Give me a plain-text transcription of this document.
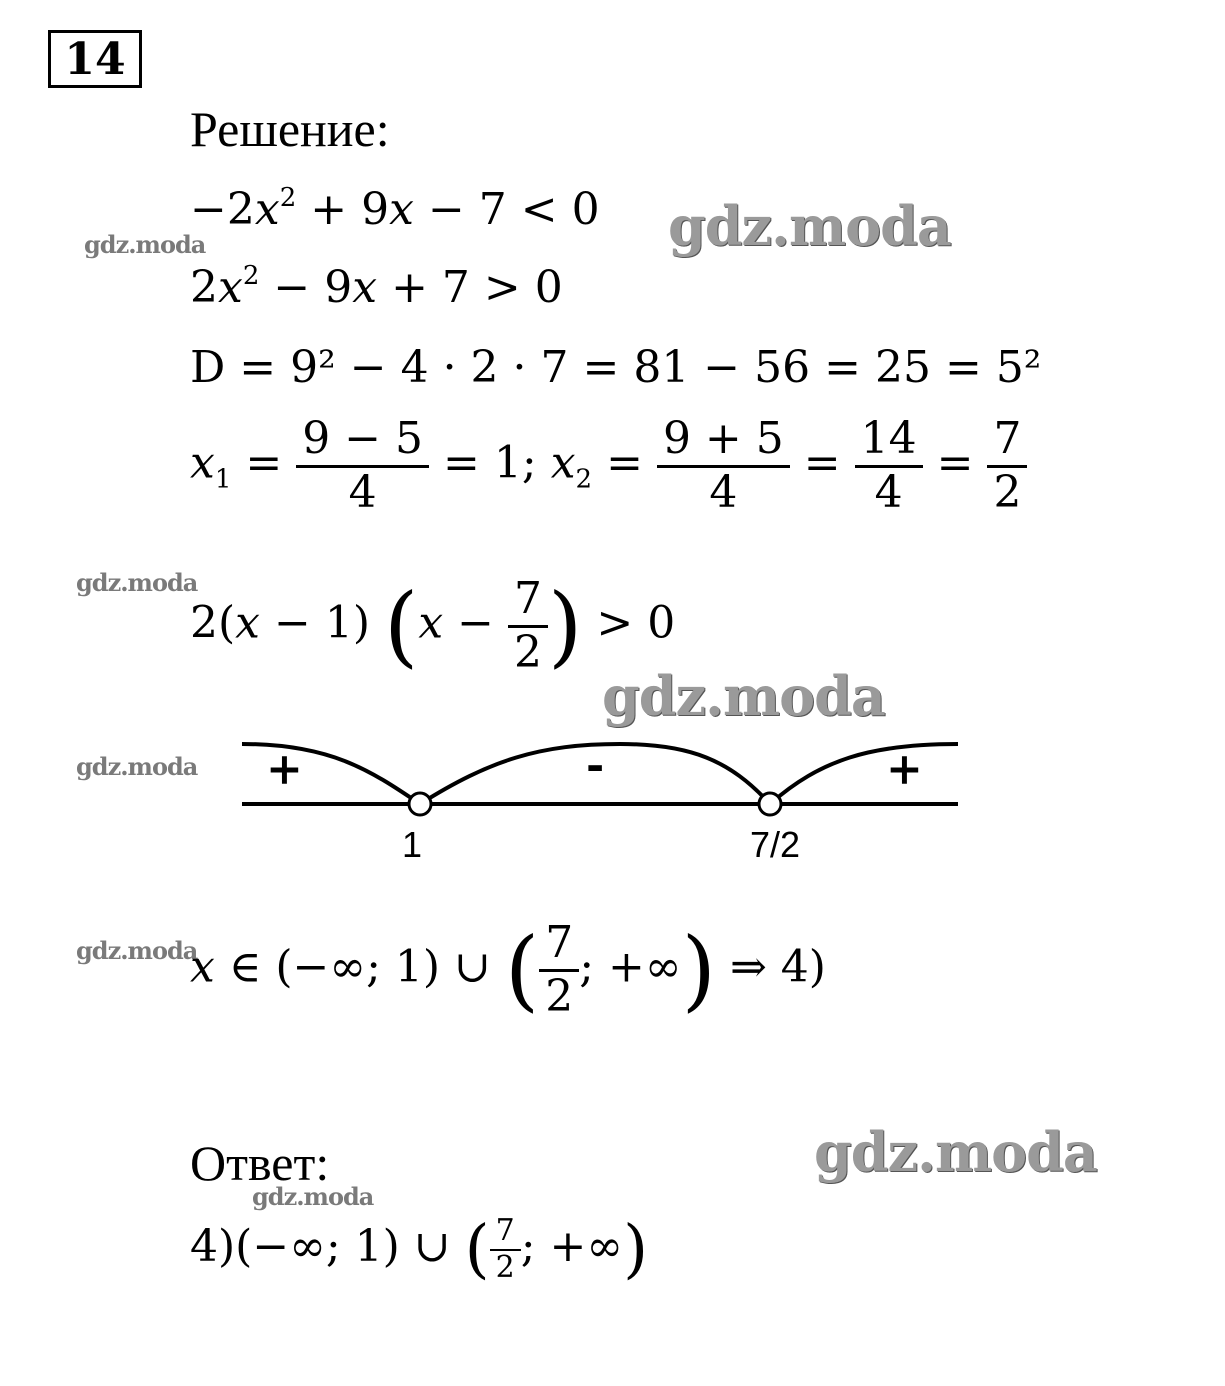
14
gdz.moda	gdz.moda
gdz.moda
gdz.moda
gdz.moda
gdz.moda
gdz.moda
gdz.moda
Решение:
$-2x^2 + 9x - 7 < 0$
$2x^2 - 9x + 7 > 0$
D = 9² − 4 · 2 · 7 = 81 − 56 = 25 = 5²
$x_1 = \frac{9 - 5}{4} = 1$; $x_2 = \frac{9 + 5}{4} = \frac{14}{4} = \frac{7}{2}$
2(x − 1) ($x - \frac{7}{2}$ ) > 0
+	-	+
1	7/2
x ∈ (−∞; 1) ∪ ( $\frac{7}{2}$ ; +∞) ⇒ 4)
Ответ:
4)(−∞; 1) ∪ ( $\frac{7}{2}$ ; +∞)
